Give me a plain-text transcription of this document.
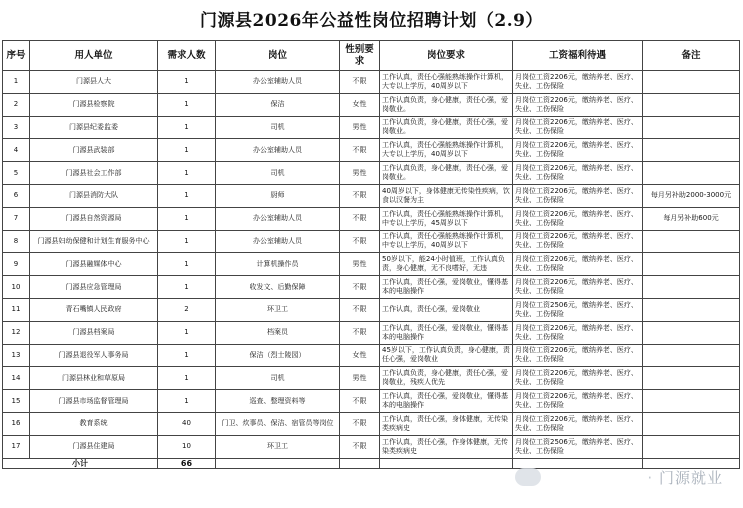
门源县2026年公益性岗位招聘计划（2.9）
序号	用人单位	需求人数	岗位	性别要求	岗位要求	工资福利待遇	备注
1	门源县人大	1	办公室辅助人员	不限	工作认真，责任心强能熟练操作计算机，大专以上学历，40周岁以下	月岗位工资2206元，缴纳养老、医疗、失业、工伤保险	
2	门源县检察院	1	保洁	女性	工作认真负责，身心健康，责任心强，爱岗敬业。	月岗位工资2206元，缴纳养老、医疗、失业、工伤保险	
3	门源县纪委监委	1	司机	男性	工作认真负责，身心健康，责任心强，爱岗敬业。	月岗位工资2206元，缴纳养老、医疗、失业、工伤保险	
4	门源县武装部	1	办公室辅助人员	不限	工作认真，责任心强能熟练操作计算机，大专以上学历，40周岁以下	月岗位工资2206元，缴纳养老、医疗、失业、工伤保险	
5	门源县社会工作部	1	司机	男性	工作认真负责，身心健康，责任心强，爱岗敬业。	月岗位工资2206元，缴纳养老、医疗、失业、工伤保险	
6	门源县消防大队	1	厨师	不限	40周岁以下，身体健康无传染性疾病，饮食以汉餐为主	月岗位工资2206元，缴纳养老、医疗、失业、工伤保险	每月另补助2000-3000元
7	门源县自然资源局	1	办公室辅助人员	不限	工作认真，责任心强能熟练操作计算机，中专以上学历，45周岁以下	月岗位工资2206元，缴纳养老、医疗、失业、工伤保险	每月另补助600元
8	门源县妇幼保健和计划生育服务中心	1	办公室辅助人员	不限	工作认真，责任心强能熟练操作计算机，中专以上学历，40周岁以下	月岗位工资2206元，缴纳养老、医疗、失业、工伤保险	
9	门源县融媒体中心	1	计算机操作员	男性	50岁以下，能24小时值班，工作认真负责，身心健康，无不良嗜好，无违	月岗位工资2206元，缴纳养老、医疗、失业、工伤保险	
10	门源县应急管理局	1	收发文、后勤保障	不限	工作认真，责任心强，爱岗敬业，懂得基本的电脑操作	月岗位工资2206元，缴纳养老、医疗、失业、工伤保险	
11	青石嘴镇人民政府	2	环卫工	不限	工作认真，责任心强，爱岗敬业	月岗位工资2506元，缴纳养老、医疗、失业、工伤保险	
12	门源县档案局	1	档案员	不限	工作认真，责任心强，爱岗敬业，懂得基本的电脑操作	月岗位工资2206元，缴纳养老、医疗、失业、工伤保险	
13	门源县退役军人事务局	1	保洁（烈士陵园）	女性	45岁以下，工作认真负责，身心健康，责任心强，爱岗敬业	月岗位工资2206元，缴纳养老、医疗、失业、工伤保险	
14	门源县林业和草原局	1	司机	男性	工作认真负责，身心健康，责任心强，爱岗敬业，残疾人优先	月岗位工资2206元，缴纳养老、医疗、失业、工伤保险	
15	门源县市场监督管理局	1	巡查、整理资料等	不限	工作认真，责任心强，爱岗敬业，懂得基本的电脑操作	月岗位工资2206元，缴纳养老、医疗、失业、工伤保险	
16	教育系统	40	门卫、炊事员、保洁、宿管员等岗位	不限	工作认真，责任心强，身体健康，无传染类疾病史	月岗位工资2206元，缴纳养老、医疗、失业、工伤保险	
17	门源县住建局	10	环卫工	不限	工作认真，责任心强，作身体健康，无传染类疾病史	月岗位工资2506元，缴纳养老、医疗、失业、工伤保险	
小计		66					
· 门源就业
